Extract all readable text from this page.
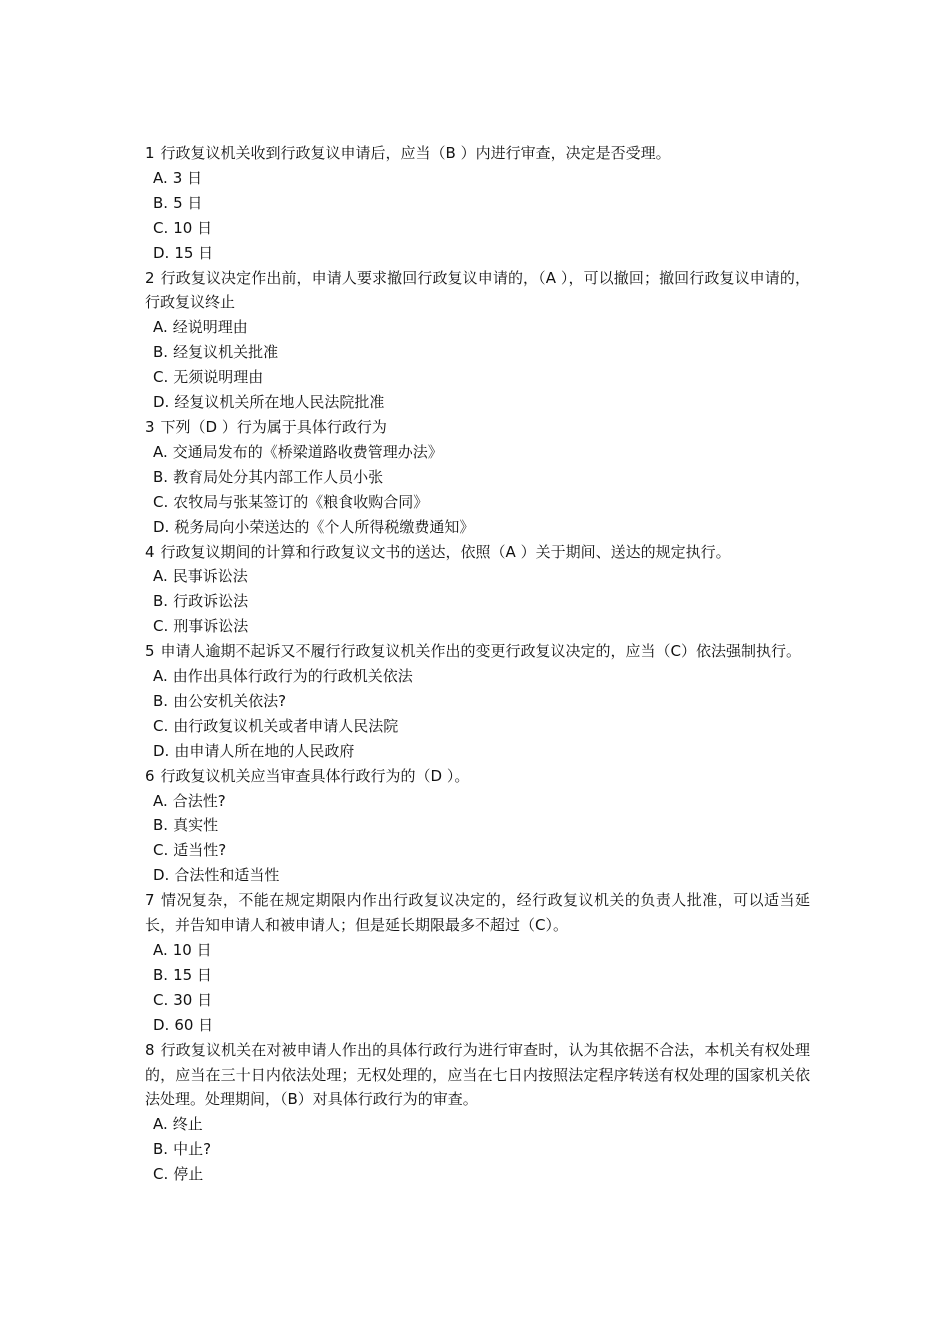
1 行政复议机关收到行政复议申请后，应当（B ）内进行审查，决定是否受理。
A. 3 日
B. 5 日
C. 10 日
D. 15 日
2 行政复议决定作出前，申请人要求撤回行政复议申请的，（A ），可以撤回；撤回行政复议申请的，行政复议终止
A. 经说明理由
B. 经复议机关批准
C. 无须说明理由
D. 经复议机关所在地人民法院批准
3 下列（D ）行为属于具体行政行为
A. 交通局发布的《桥梁道路收费管理办法》
B. 教育局处分其内部工作人员小张
C. 农牧局与张某签订的《粮食收购合同》
D. 税务局向小荣送达的《个人所得税缴费通知》
4 行政复议期间的计算和行政复议文书的送达，依照（A ）关于期间、送达的规定执行。
A. 民事诉讼法
B. 行政诉讼法
C. 刑事诉讼法
5 申请人逾期不起诉又不履行行政复议机关作出的变更行政复议决定的，应当（C）依法强制执行。
A. 由作出具体行政行为的行政机关依法
B. 由公安机关依法?
C. 由行政复议机关或者申请人民法院
D. 由申请人所在地的人民政府
6 行政复议机关应当审查具体行政行为的（D ）。
A. 合法性?
B. 真实性
C. 适当性?
D. 合法性和适当性
7 情况复杂，不能在规定期限内作出行政复议决定的，经行政复议机关的负责人批准，可以适当延长，并告知申请人和被申请人；但是延长期限最多不超过（C）。
A. 10 日
B. 15 日
C. 30 日
D. 60 日
8 行政复议机关在对被申请人作出的具体行政行为进行审查时，认为其依据不合法，本机关有权处理的，应当在三十日内依法处理；无权处理的，应当在七日内按照法定程序转送有权处理的国家机关依法处理。处理期间，（B）对具体行政行为的审查。
A. 终止
B. 中止?
C. 停止
